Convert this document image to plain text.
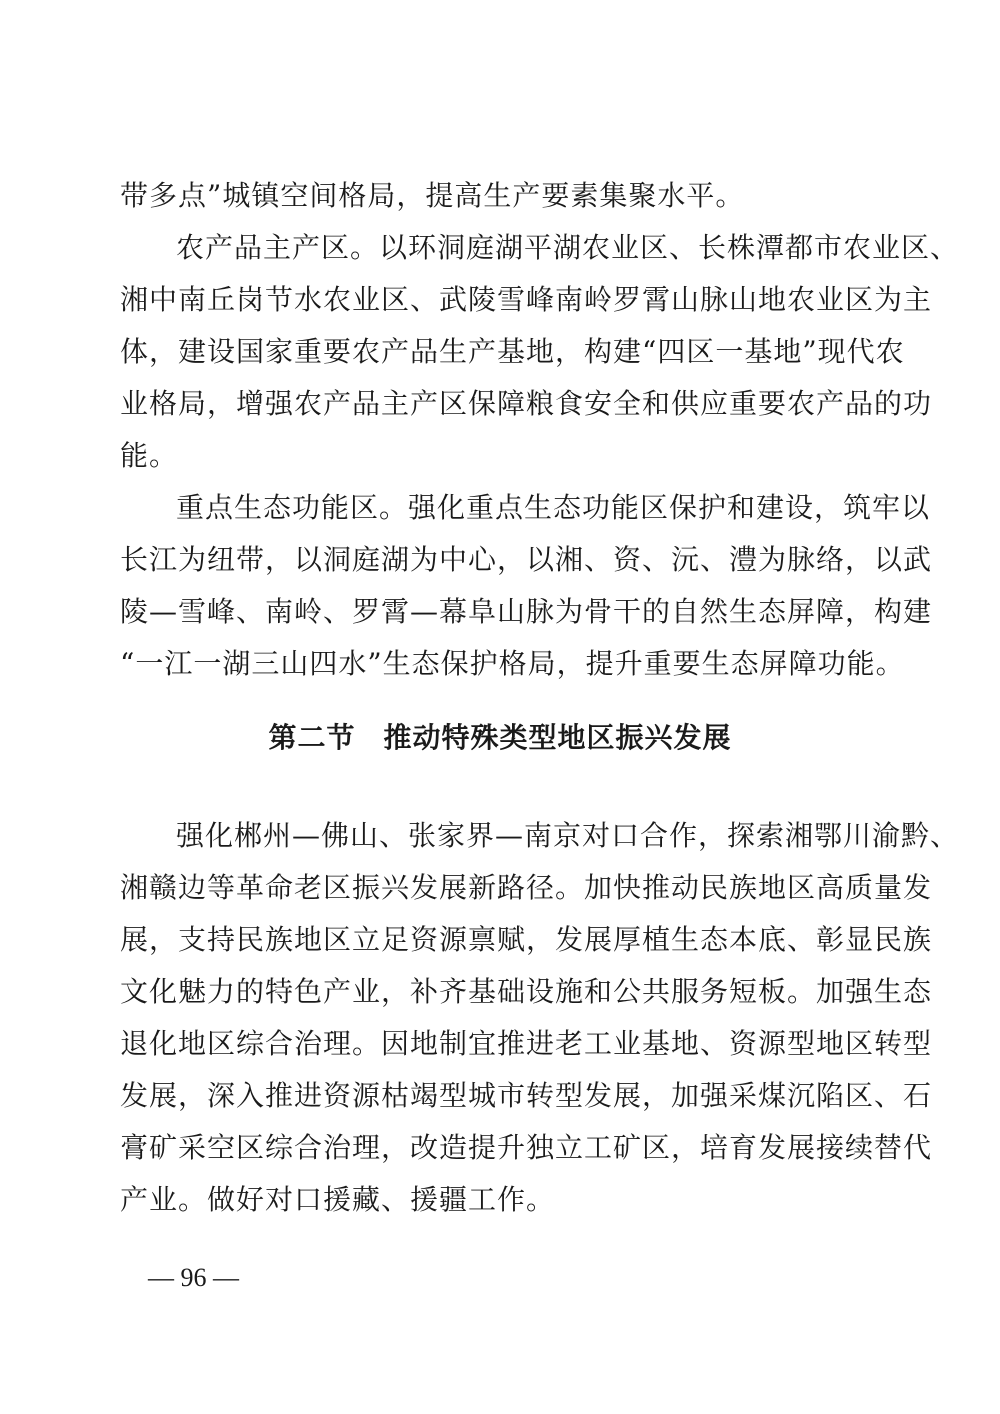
带多点”城镇空间格局，提高生产要素集聚水平。
农产品主产区。以环洞庭湖平湖农业区、长株潭都市农业区、
湘中南丘岗节水农业区、武陵雪峰南岭罗霄山脉山地农业区为主
体，建设国家重要农产品生产基地，构建“四区一基地”现代农
业格局，增强农产品主产区保障粮食安全和供应重要农产品的功
能。
重点生态功能区。强化重点生态功能区保护和建设，筑牢以
长江为纽带，以洞庭湖为中心，以湘、资、沅、澧为脉络，以武
陵—雪峰、南岭、罗霄—幕阜山脉为骨干的自然生态屏障，构建
“一江一湖三山四水”生态保护格局，提升重要生态屏障功能。
第二节 推动特殊类型地区振兴发展
强化郴州—佛山、张家界—南京对口合作，探索湘鄂川渝黔、
湘赣边等革命老区振兴发展新路径。加快推动民族地区高质量发
展，支持民族地区立足资源禀赋，发展厚植生态本底、彰显民族
文化魅力的特色产业，补齐基础设施和公共服务短板。加强生态
退化地区综合治理。因地制宜推进老工业基地、资源型地区转型
发展，深入推进资源枯竭型城市转型发展，加强采煤沉陷区、石
膏矿采空区综合治理，改造提升独立工矿区，培育发展接续替代
产业。做好对口援藏、援疆工作。
— 96 —
